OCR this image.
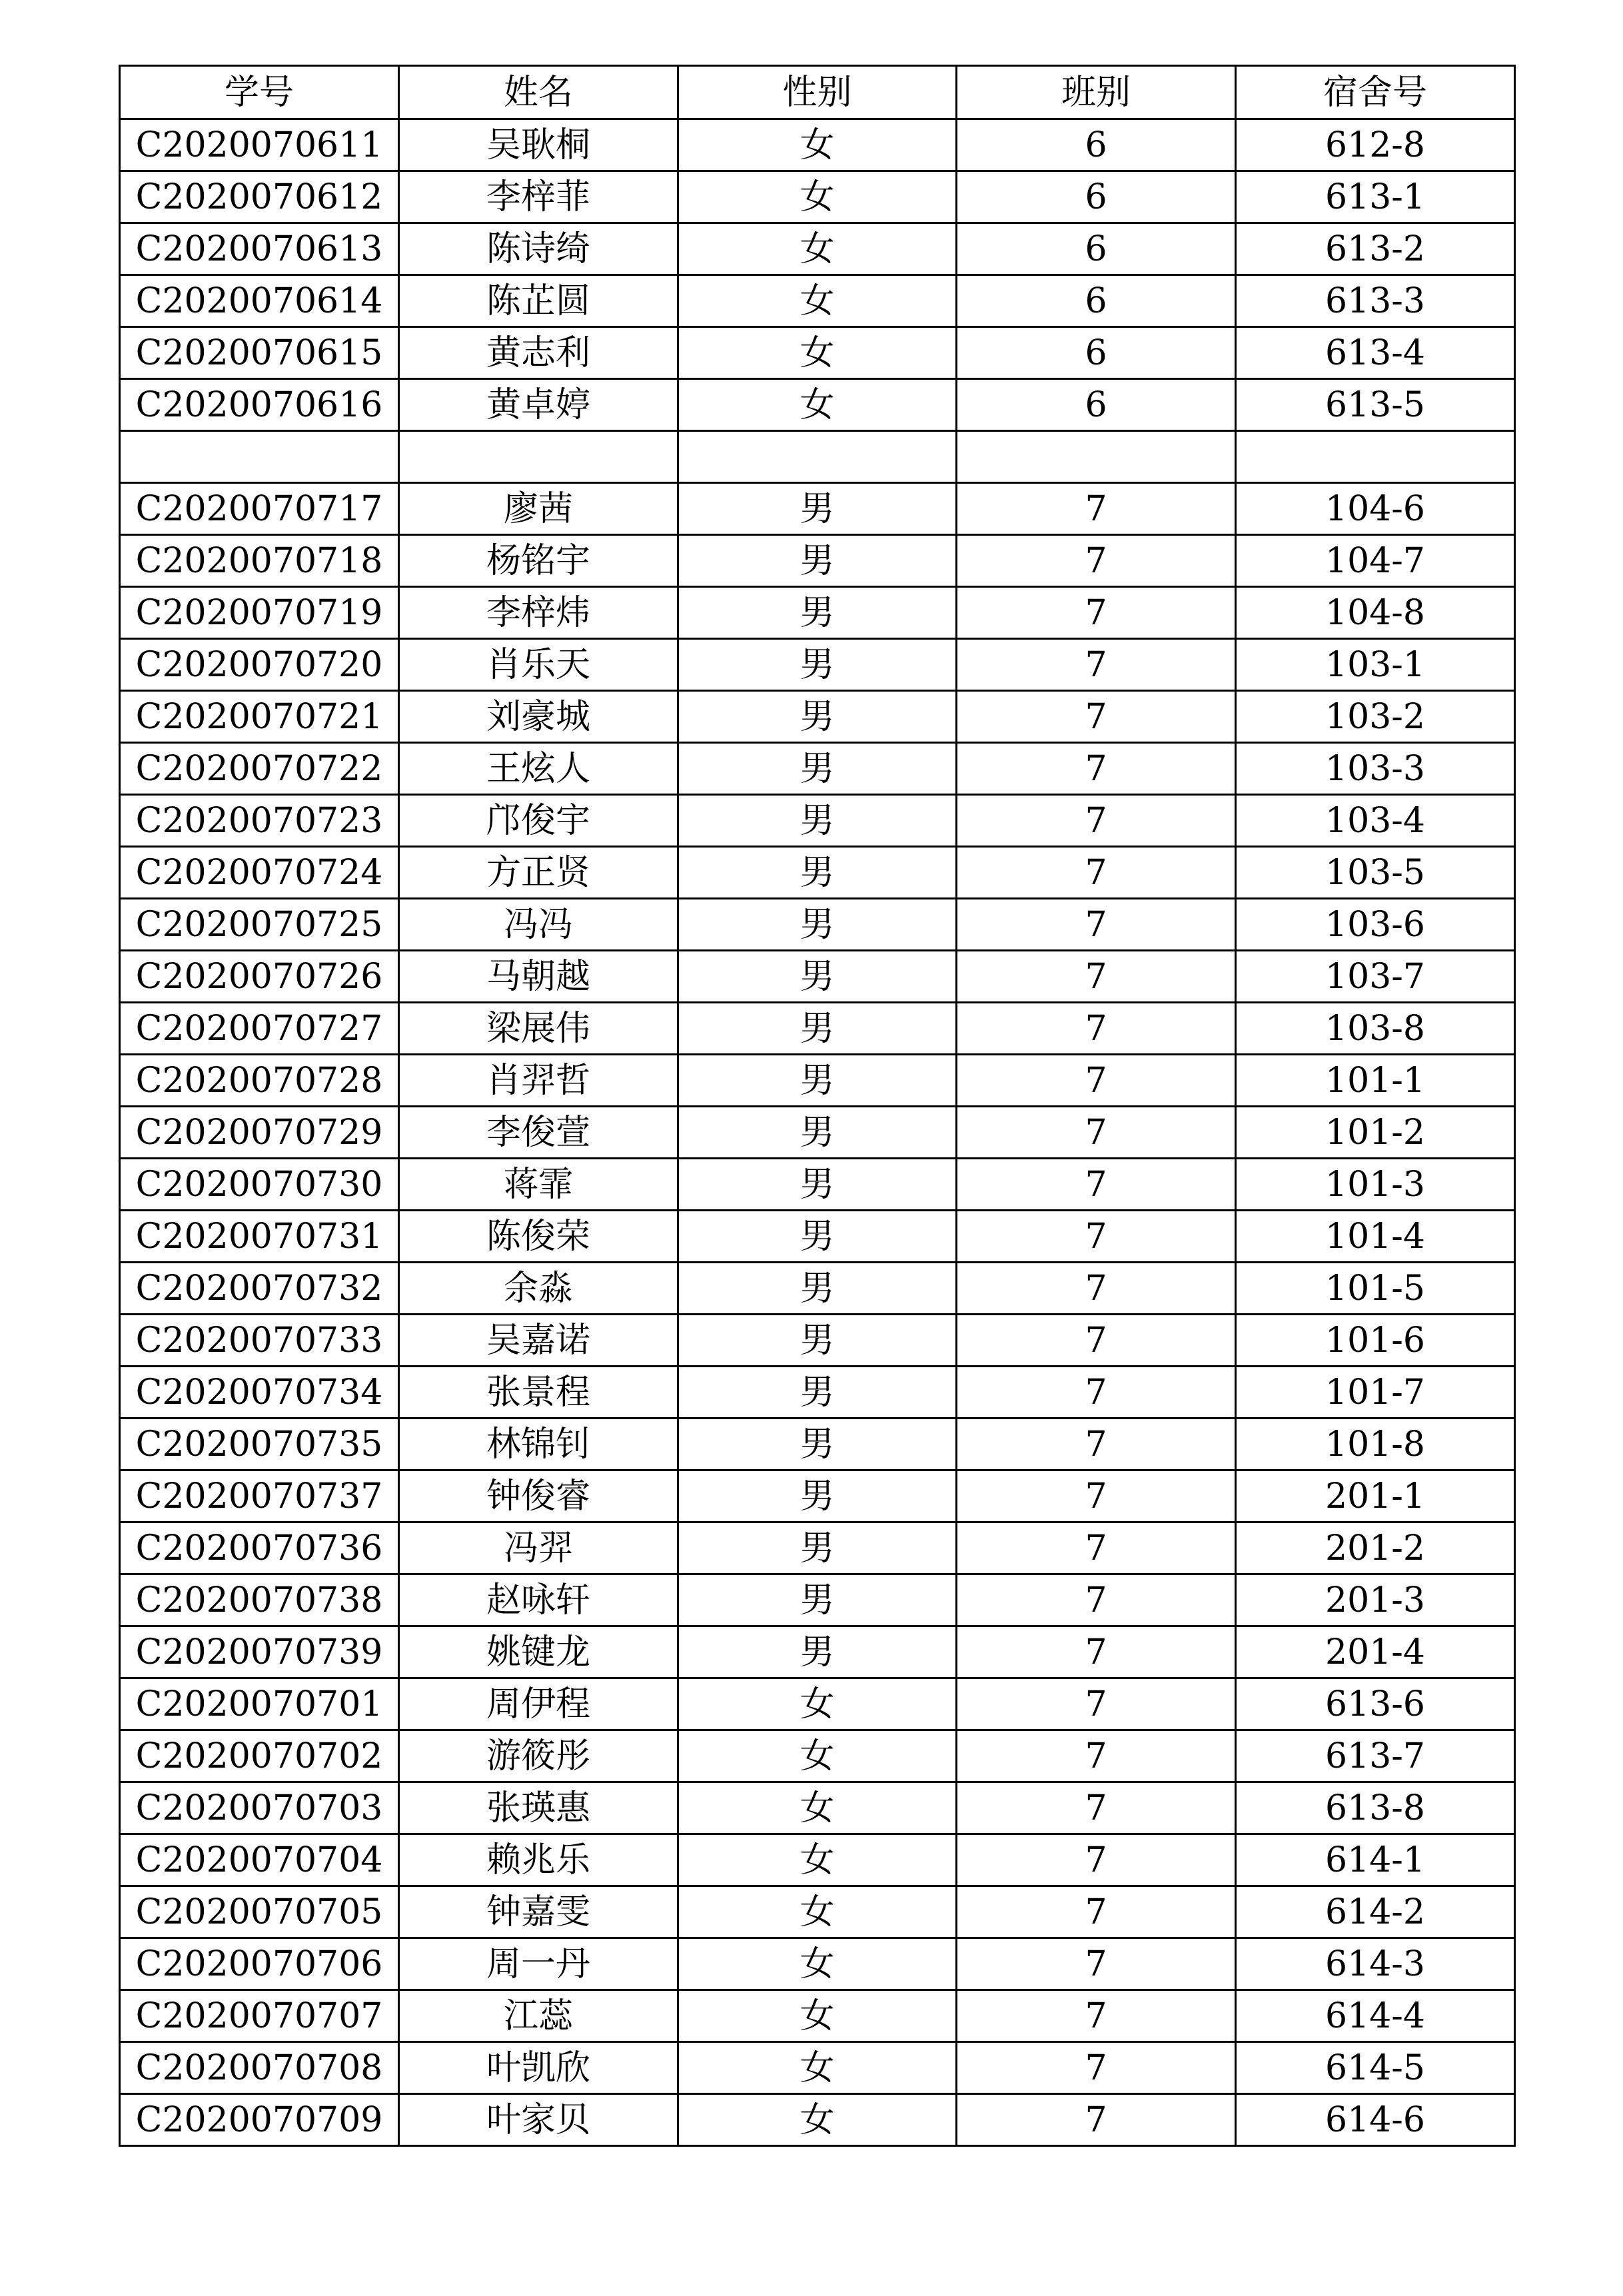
学号	姓名	性别	班别	宿舍号
C2020070611	吴耿桐	女	6	612-8
C2020070612	李梓菲	女	6	613-1
C2020070613	陈诗绮	女	6	613-2
C2020070614	陈芷圆	女	6	613-3
C2020070615	黄志利	女	6	613-4
C2020070616	黄卓婷	女	6	613-5

C2020070717	廖茜	男	7	104-6
C2020070718	杨铭宇	男	7	104-7
C2020070719	李梓炜	男	7	104-8
C2020070720	肖乐天	男	7	103-1
C2020070721	刘豪城	男	7	103-2
C2020070722	王炫人	男	7	103-3
C2020070723	邝俊宇	男	7	103-4
C2020070724	方正贤	男	7	103-5
C2020070725	冯冯	男	7	103-6
C2020070726	马朝越	男	7	103-7
C2020070727	梁展伟	男	7	103-8
C2020070728	肖羿哲	男	7	101-1
C2020070729	李俊萱	男	7	101-2
C2020070730	蒋霏	男	7	101-3
C2020070731	陈俊荣	男	7	101-4
C2020070732	余淼	男	7	101-5
C2020070733	吴嘉诺	男	7	101-6
C2020070734	张景程	男	7	101-7
C2020070735	林锦钊	男	7	101-8
C2020070737	钟俊睿	男	7	201-1
C2020070736	冯羿	男	7	201-2
C2020070738	赵咏轩	男	7	201-3
C2020070739	姚键龙	男	7	201-4
C2020070701	周伊程	女	7	613-6
C2020070702	游筱彤	女	7	613-7
C2020070703	张瑛惠	女	7	613-8
C2020070704	赖兆乐	女	7	614-1
C2020070705	钟嘉雯	女	7	614-2
C2020070706	周一丹	女	7	614-3
C2020070707	江蕊	女	7	614-4
C2020070708	叶凯欣	女	7	614-5
C2020070709	叶家贝	女	7	614-6
